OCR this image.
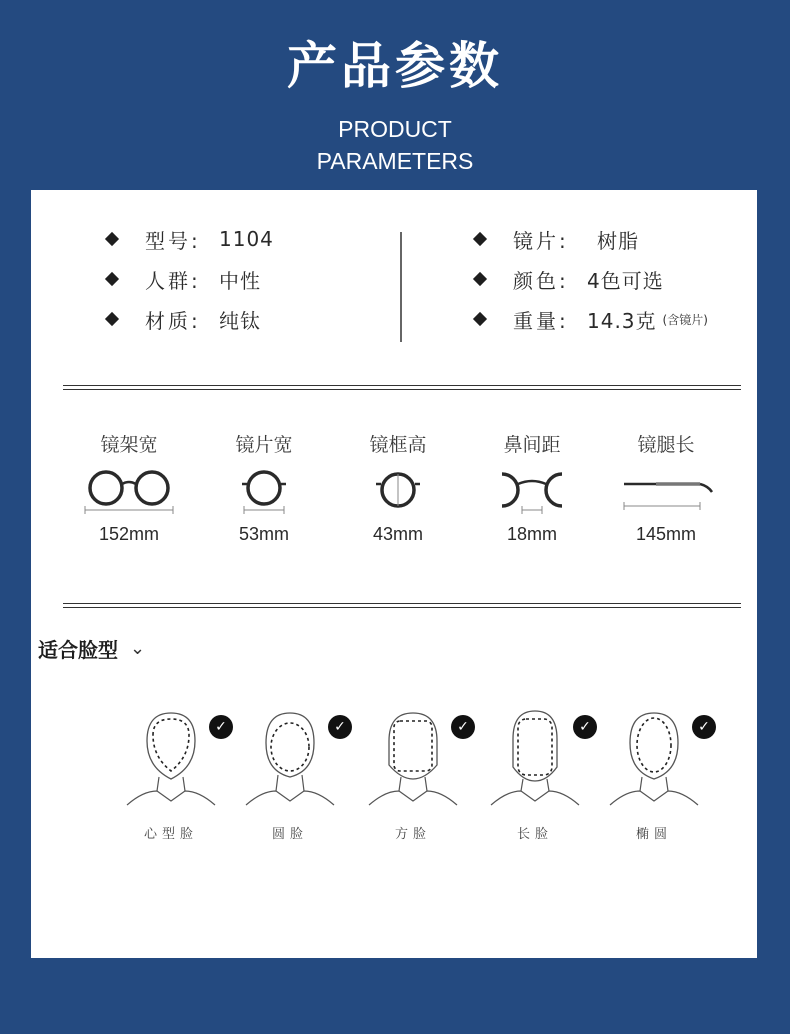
产品参数
PRODUCT
PARAMETERS
型号: 1104
人群: 中性
材质: 纯钛
镜片:	树脂
颜色: 4色可选
重量: 14.3克 (含镜片)
镜架宽
152mm
镜片宽
53mm
镜框高
43mm
鼻间距
18mm
镜腿长
145mm
适合脸型 ⌄
✓
心型脸
✓
圆脸
✓
方脸
✓
长脸
✓
椭圆
